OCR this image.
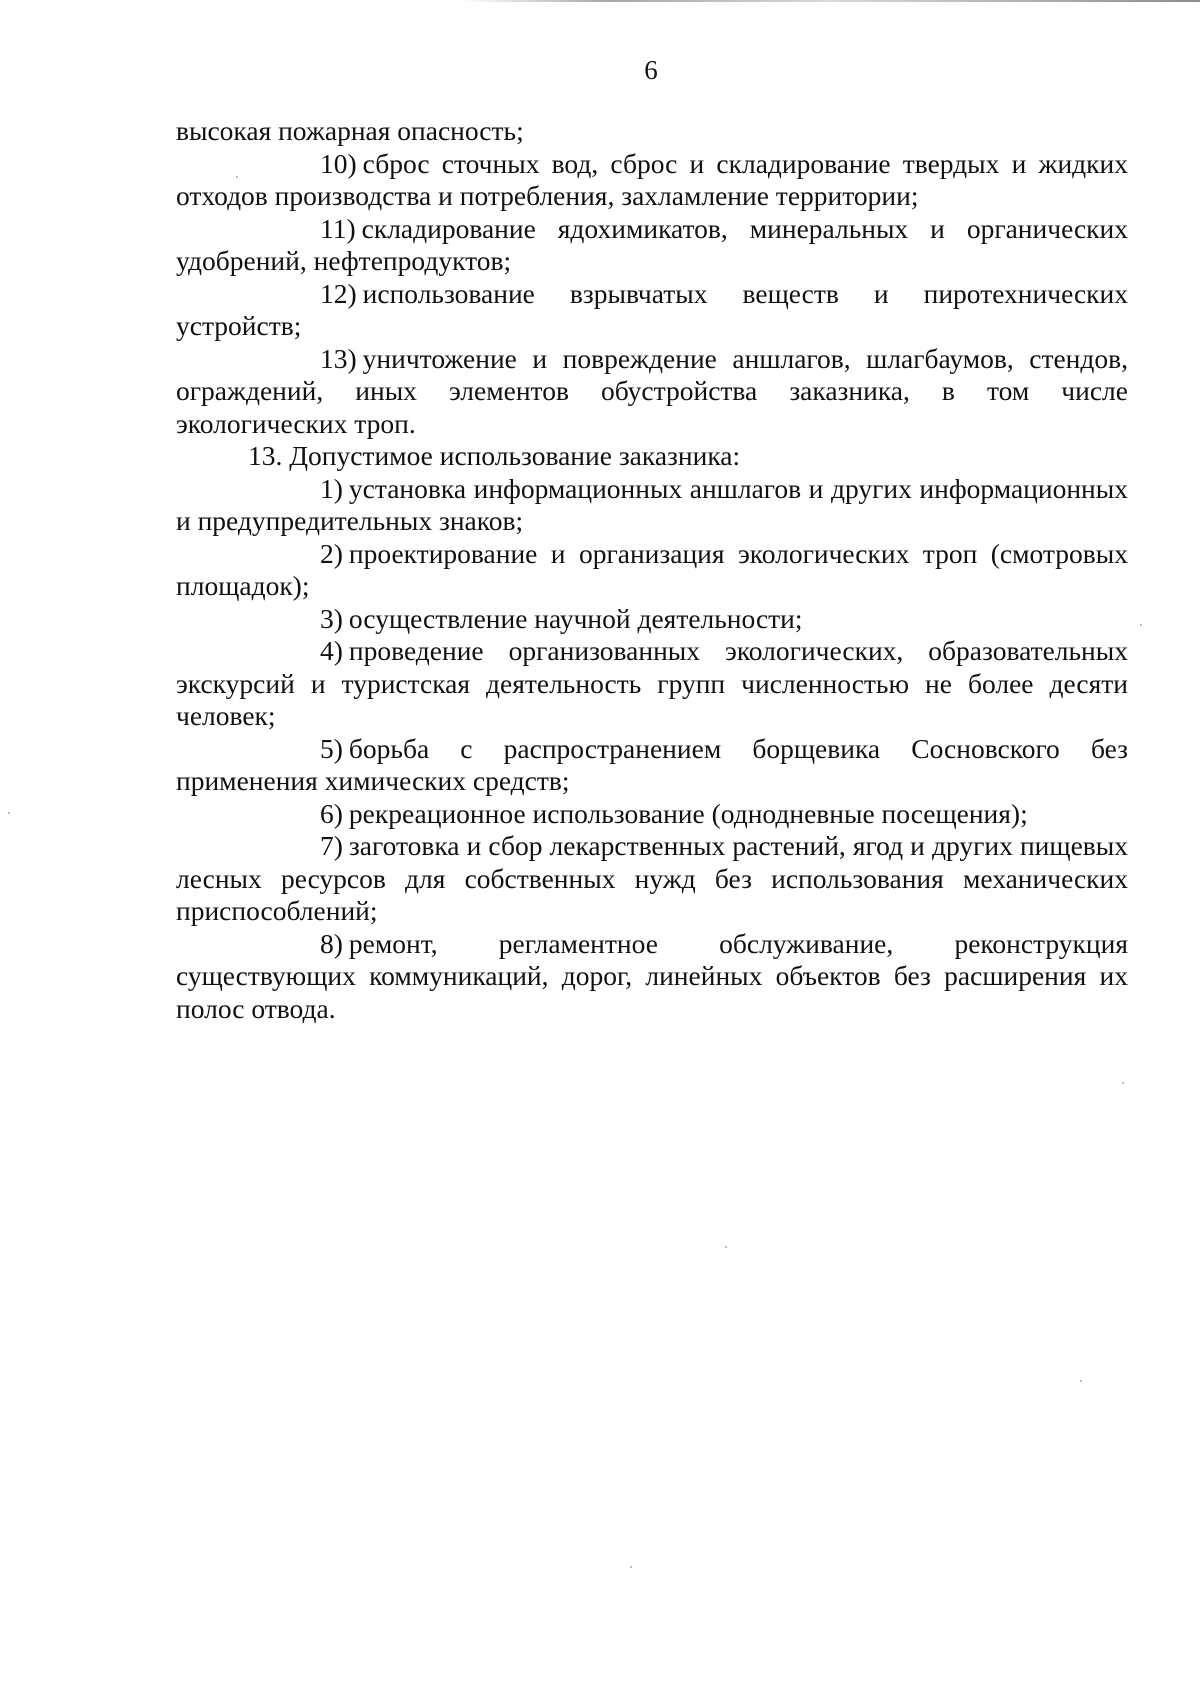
6

высокая пожарная опасность;

10) сброс сточных вод, сброс и складирование твердых и жидких отходов производства и потребления, захламление территории;

11) складирование ядохимикатов, минеральных и органических удобрений, нефтепродуктов;

12) использование взрывчатых веществ и пиротехнических устройств;

13) уничтожение и повреждение аншлагов, шлагбаумов, стендов, ограждений, иных элементов обустройства заказника, в том числе экологических троп.

13. Допустимое использование заказника:

1) установка информационных аншлагов и других информационных и предупредительных знаков;

2) проектирование и организация экологических троп (смотровых площадок);

3) осуществление научной деятельности;

4) проведение организованных экологических, образовательных экскурсий и туристская деятельность групп численностью не более десяти человек;

5) борьба с распространением борщевика Сосновского без применения химических средств;

6) рекреационное использование (однодневные посещения);

7) заготовка и сбор лекарственных растений, ягод и других пищевых лесных ресурсов для собственных нужд без использования механических приспособлений;

8) ремонт, регламентное обслуживание, реконструкция существующих коммуникаций, дорог, линейных объектов без расширения их полос отвода.
